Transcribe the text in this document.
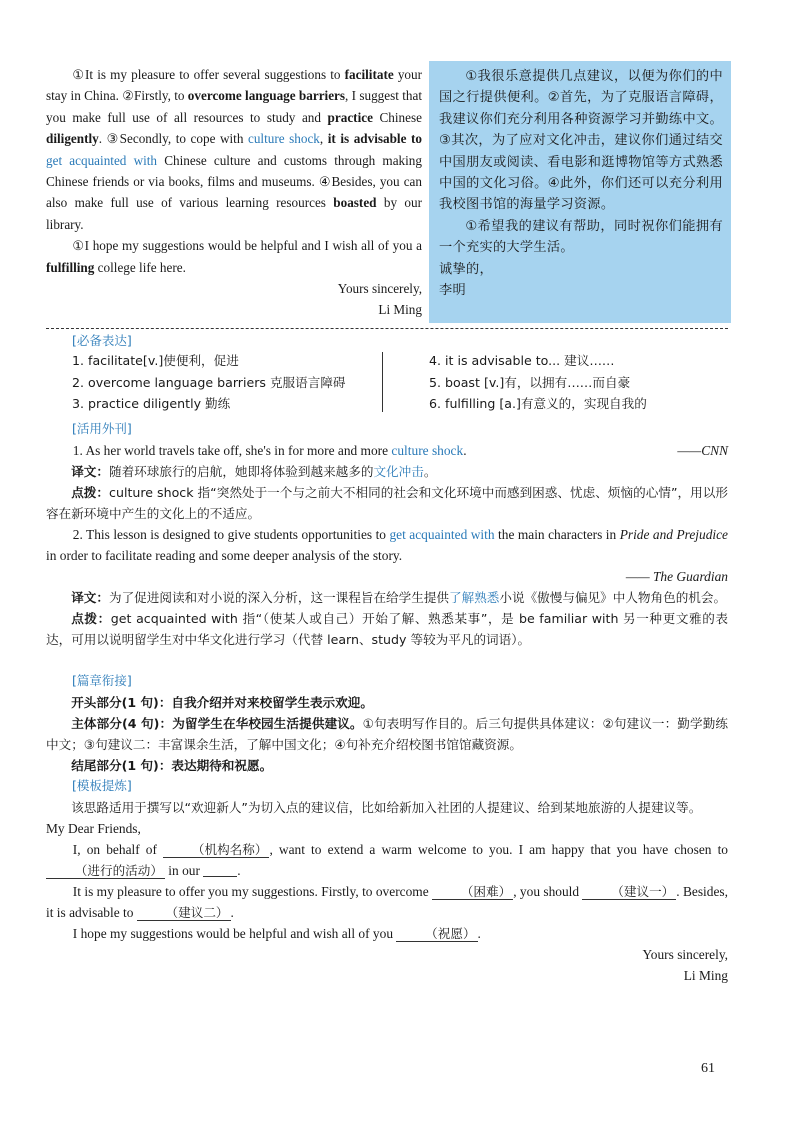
①It is my pleasure to offer several suggestions to facilitate your stay in China. ②Firstly, to overcome language barriers, I suggest that you make full use of all resources to study and practice Chinese diligently. ③Secondly, to cope with culture shock, it is advisable to get acquainted with Chinese culture and customs through making Chinese friends or via books, films and museums. ④Besides, you can also make full use of various learning resources boasted by our library.

①I hope my suggestions would be helpful and I wish all of you a fulfilling college life here.

Yours sincerely,

Li Ming

①我很乐意提供几点建议，以便为你们的中国之行提供便利。②首先，为了克服语言障碍，我建议你们充分利用各种资源学习并勤练中文。③其次，为了应对文化冲击，建议你们通过结交中国朋友或阅读、看电影和逛博物馆等方式熟悉中国的文化习俗。④此外，你们还可以充分利用我校图书馆的海量学习资源。

①希望我的建议有帮助，同时祝你们能拥有一个充实的大学生活。

诚挚的，

李明

[必备表达]
1. facilitate[v.]使便利，促进
2. overcome language barriers 克服语言障碍
3. practice diligently 勤练
4. it is advisable to... 建议……
5. boast [v.]有，以拥有……而自豪
6. fulfilling [a.]有意义的，实现自我的
[活用外刊]
1. As her world travels take off, she's in for more and more culture shock.	——CNN
译文：随着环球旅行的启航，她即将体验到越来越多的文化冲击。
点拨：culture shock 指“突然处于一个与之前大不相同的社会和文化环境中而感到困惑、忧虑、烦恼的心情”，用以形容在新环境中产生的文化上的不适应。
2. This lesson is designed to give students opportunities to get acquainted with the main characters in Pride and Prejudice in order to facilitate reading and some deeper analysis of the story.
—— The Guardian
译文：为了促进阅读和对小说的深入分析，这一课程旨在给学生提供了解熟悉小说《傲慢与偏见》中人物角色的机会。
点拨：get acquainted with 指“（使某人或自己）开始了解、熟悉某事”，是 be familiar with 另一种更文雅的表达，可用以说明留学生对中华文化进行学习（代替 learn、study 等较为平凡的词语）。
[篇章衔接]
开头部分(1 句)：自我介绍并对来校留学生表示欢迎。
主体部分(4 句)：为留学生在华校园生活提供建议。①句表明写作目的。后三句提供具体建议：②句建议一：勤学勤练中文；③句建议二：丰富课余生活，了解中国文化；④句补充介绍校图书馆馆藏资源。
结尾部分(1 句)：表达期待和祝愿。
[模板提炼]
该思路适用于撰写以“欢迎新人”为切入点的建议信，比如给新加入社团的人提建议、给到某地旅游的人提建议等。
My Dear Friends,
I, on behalf of （机构名称） , want to extend a warm welcome to you. I am happy that you have chosen to （进行的活动） in our	.
It is my pleasure to offer you my suggestions. Firstly, to overcome （困难） , you should （建议一） . Besides, it is advisable to （建议二） .
I hope my suggestions would be helpful and wish all of you （祝愿） .
Yours sincerely,
Li Ming
61
